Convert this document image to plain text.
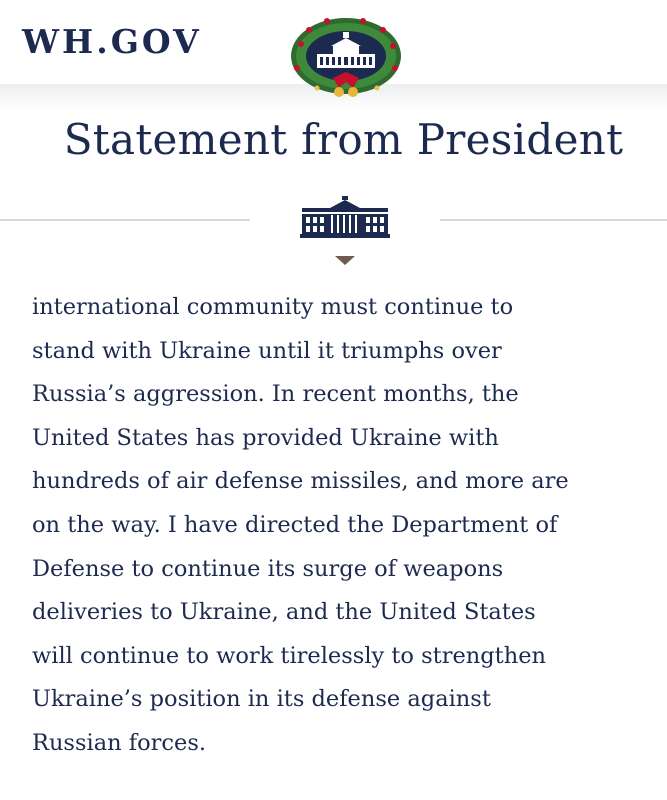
WH.GOV
Statement from President

international community must continue to
stand with Ukraine until it triumphs over
Russia’s aggression. In recent months, the
United States has provided Ukraine with
hundreds of air defense missiles, and more are
on the way. I have directed the Department of
Defense to continue its surge of weapons
deliveries to Ukraine, and the United States
will continue to work tirelessly to strengthen
Ukraine’s position in its defense against
Russian forces.
